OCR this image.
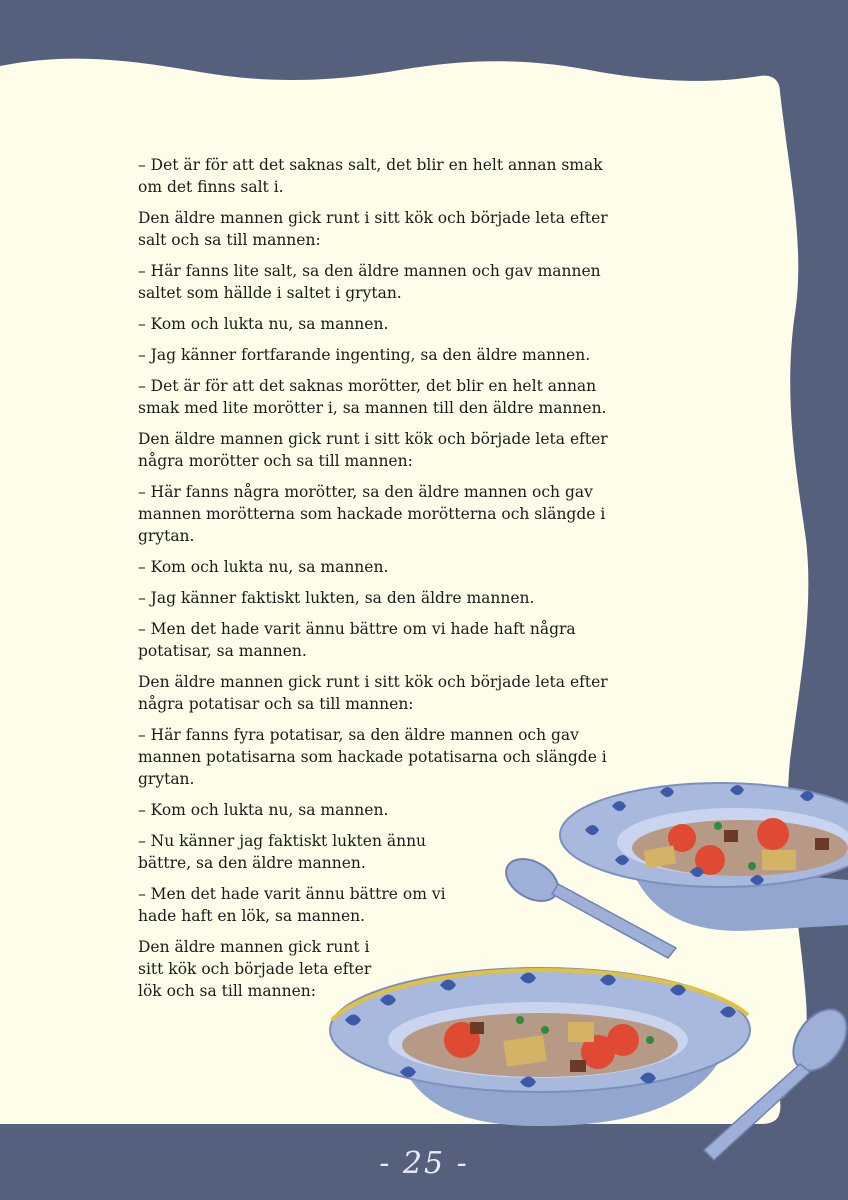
– Det är för att det saknas salt, det blir en helt annan smak om det finns salt i.

Den äldre mannen gick runt i sitt kök och började leta efter salt och sa till mannen:

– Här fanns lite salt, sa den äldre mannen och gav mannen saltet som hällde i saltet i grytan.

– Kom och lukta nu, sa mannen.

– Jag känner fortfarande ingenting, sa den äldre mannen.

– Det är för att det saknas morötter, det blir en helt annan smak med lite morötter i, sa mannen till den äldre mannen.

Den äldre mannen gick runt i sitt kök och började leta efter några morötter och sa till mannen:

– Här fanns några morötter, sa den äldre mannen och gav mannen morötterna som hackade morötterna och slängde i grytan.

– Kom och lukta nu, sa mannen.

– Jag känner faktiskt lukten, sa den äldre mannen.

– Men det hade varit ännu bättre om vi hade haft några potatisar, sa mannen.

Den äldre mannen gick runt i sitt kök och började leta efter några potatisar och sa till mannen:

– Här fanns fyra potatisar, sa den äldre mannen och gav mannen potatisarna som hackade potatisarna och slängde i grytan.

– Kom och lukta nu, sa mannen.

– Nu känner jag faktiskt lukten ännu bättre, sa den äldre mannen.

– Men det hade varit ännu bättre om vi hade haft en lök, sa mannen.

Den äldre mannen gick runt i sitt kök och började leta efter lök och sa till mannen:

- 25 -
